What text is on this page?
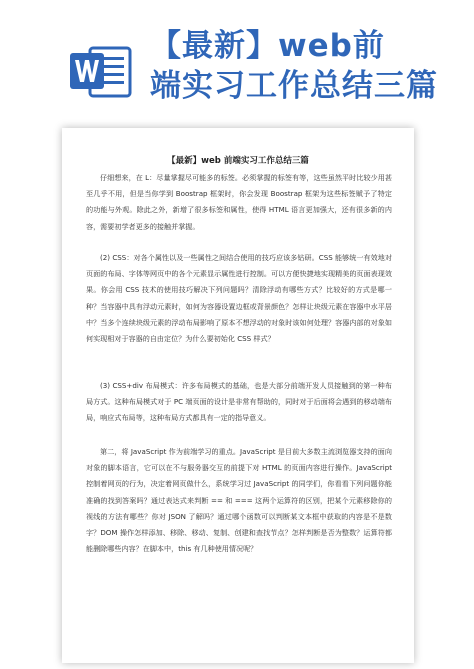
【最新】web前
端实习工作总结三篇
【最新】web 前端实习工作总结三篇

仔细想来，在 L：尽量掌握尽可能多的标签。必须掌握的标签有等，这些虽然平时比较少用甚至几乎不用，但是当你学到 Boostrap 框架时，你会发现 Boostrap 框架为这些标签赋予了特定的功能与外观。除此之外，新增了很多标签和属性，使得 HTML 语言更加强大，还有很多新的内容，需要初学者更多的接触并掌握。

(2) CSS：对各个属性以及一些属性之间结合使用的技巧应该多钻研。CSS 能够统一有效地对页面的布局、字体等网页中的各个元素显示属性进行控制。可以方便快捷地实现精美的页面表现效果。你会用 CSS 技术的使用技巧解决下列问题吗？清除浮动有哪些方式？比较好的方式是哪一种？当容器中具有浮动元素时，如何为容器设置边框或背景颜色？怎样让块级元素在容器中水平居中？当多个连续块级元素的浮动布局影响了原本不想浮动的对象时该如何处理？容器内部的对象如何实现相对于容器的自由定位？为什么要初始化 CSS 样式？

(3) CSS+div 布局模式：许多布局模式的基础，也是大部分前端开发人员接触到的第一种布局方式。这种布局模式对于 PC 端页面的设计是非常有帮助的，同时对于后面将会遇到的移动端布局，响应式布局等，这种布局方式都具有一定的指导意义。

第二，将 JavaScript 作为前端学习的重点。JavaScript 是目前大多数主流浏览器支持的面向对象的脚本语言，它可以在不与服务器交互的前提下对 HTML 的页面内容进行操作。JavaScript 控制着网页的行为，决定着网页做什么，系统学习过 JavaScript 的同学们，你看看下列问题你能准确的找到答案吗？通过表达式来判断 == 和 === 这两个运算符的区别，把某个元素移除你的视线的方法有哪些？你对 JSON 了解吗？通过哪个函数可以判断某文本框中获取的内容是不是数字？DOM 操作怎样添加、移除、移动、复制、创建和查找节点？怎样判断是否为整数？运算符都能删除哪些内容？在脚本中，this 有几种使用情况呢？
